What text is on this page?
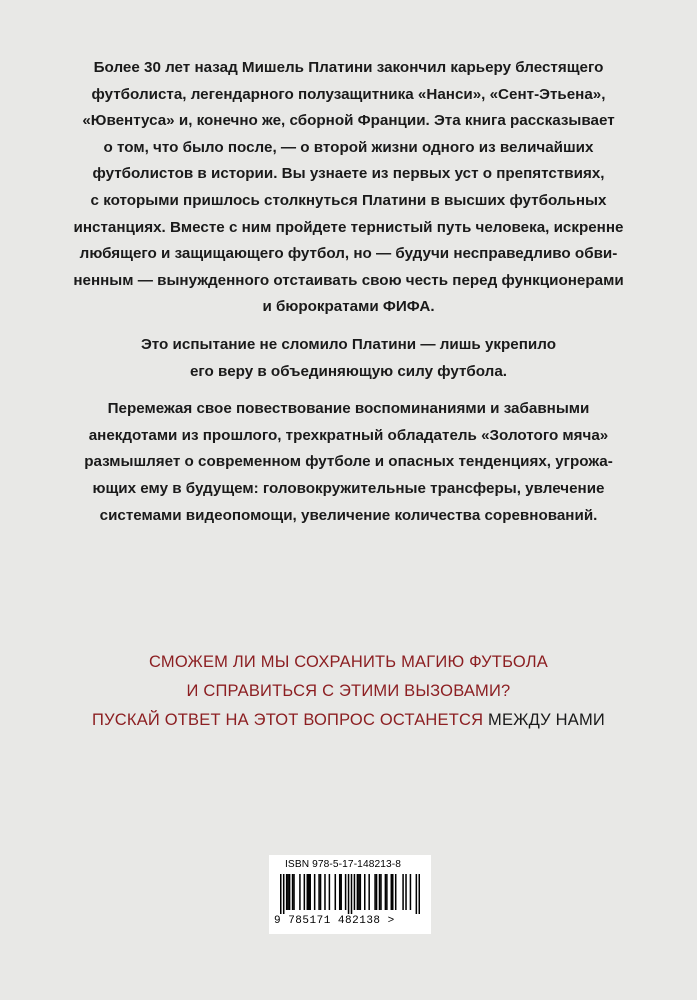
Более 30 лет назад Мишель Платини закончил карьеру блестящего
футболиста, легендарного полузащитника «Нанси», «Сент-Этьена»,
«Ювентуса» и, конечно же, сборной Франции. Эта книга рассказывает
о том, что было после, — о второй жизни одного из величайших
футболистов в истории. Вы узнаете из первых уст о препятствиях,
с которыми пришлось столкнуться Платини в высших футбольных
инстанциях. Вместе с ним пройдете тернистый путь человека, искренне
любящего и защищающего футбол, но — будучи несправедливо обви-
ненным — вынужденного отстаивать свою честь перед функционерами
и бюрократами ФИФА.

Это испытание не сломило Платини — лишь укрепило
его веру в объединяющую силу футбола.

Перемежая свое повествование воспоминаниями и забавными
анекдотами из прошлого, трехкратный обладатель «Золотого мяча»
размышляет о современном футболе и опасных тенденциях, угрожа-
ющих ему в будущем: головокружительные трансферы, увлечение
системами видеопомощи, увеличение количества соревнований.

СМОЖЕМ ЛИ МЫ СОХРАНИТЬ МАГИЮ ФУТБОЛА
И СПРАВИТЬСЯ С ЭТИМИ ВЫЗОВАМИ?
ПУСКАЙ ОТВЕТ НА ЭТОТ ВОПРОС ОСТАНЕТСЯ МЕЖДУ НАМИ
ISBN 978-5-17-148213-8
9 785171 482138 >
